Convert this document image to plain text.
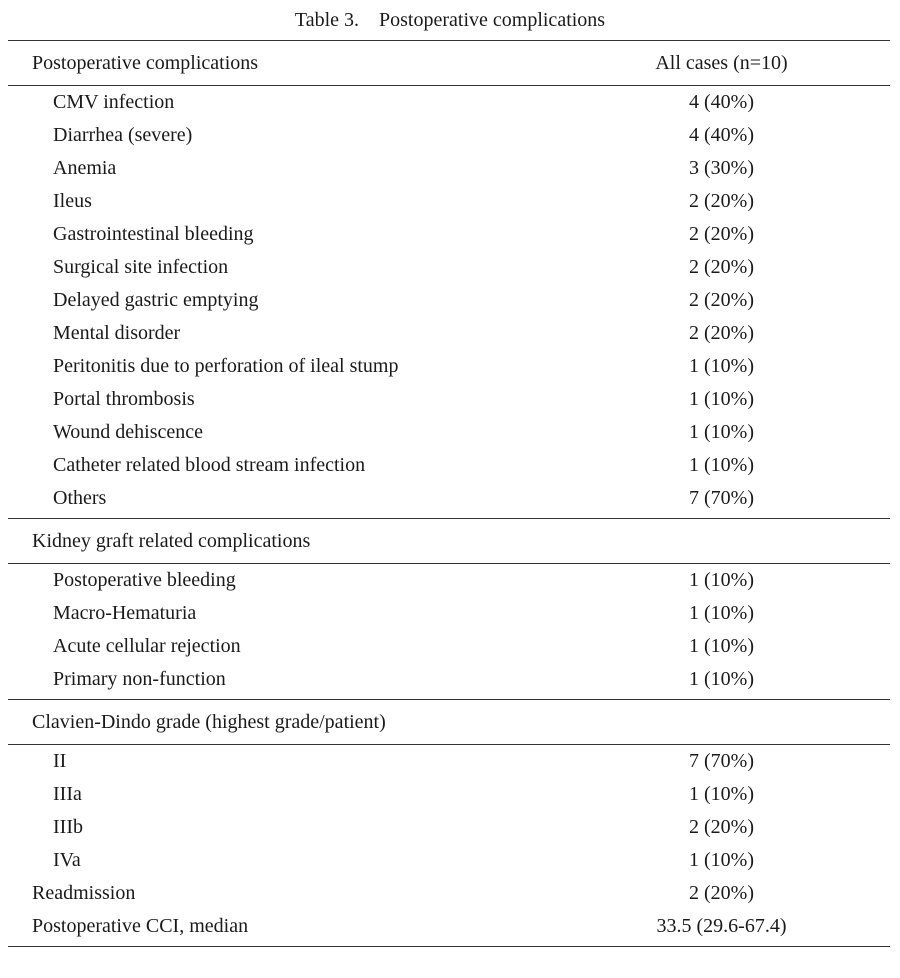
Table 3. Postoperative complications
Postoperative complications	All cases (n=10)
CMV infection	4 (40%)
Diarrhea (severe)	4 (40%)
Anemia	3 (30%)
Ileus	2 (20%)
Gastrointestinal bleeding	2 (20%)
Surgical site infection	2 (20%)
Delayed gastric emptying	2 (20%)
Mental disorder	2 (20%)
Peritonitis due to perforation of ileal stump	1 (10%)
Portal thrombosis	1 (10%)
Wound dehiscence	1 (10%)
Catheter related blood stream infection	1 (10%)
Others	7 (70%)
Kidney graft related complications
Postoperative bleeding	1 (10%)
Macro-Hematuria	1 (10%)
Acute cellular rejection	1 (10%)
Primary non-function	1 (10%)
Clavien-Dindo grade (highest grade/patient)
II	7 (70%)
IIIa	1 (10%)
IIIb	2 (20%)
IVa	1 (10%)
Readmission	2 (20%)
Postoperative CCI, median	33.5 (29.6-67.4)
